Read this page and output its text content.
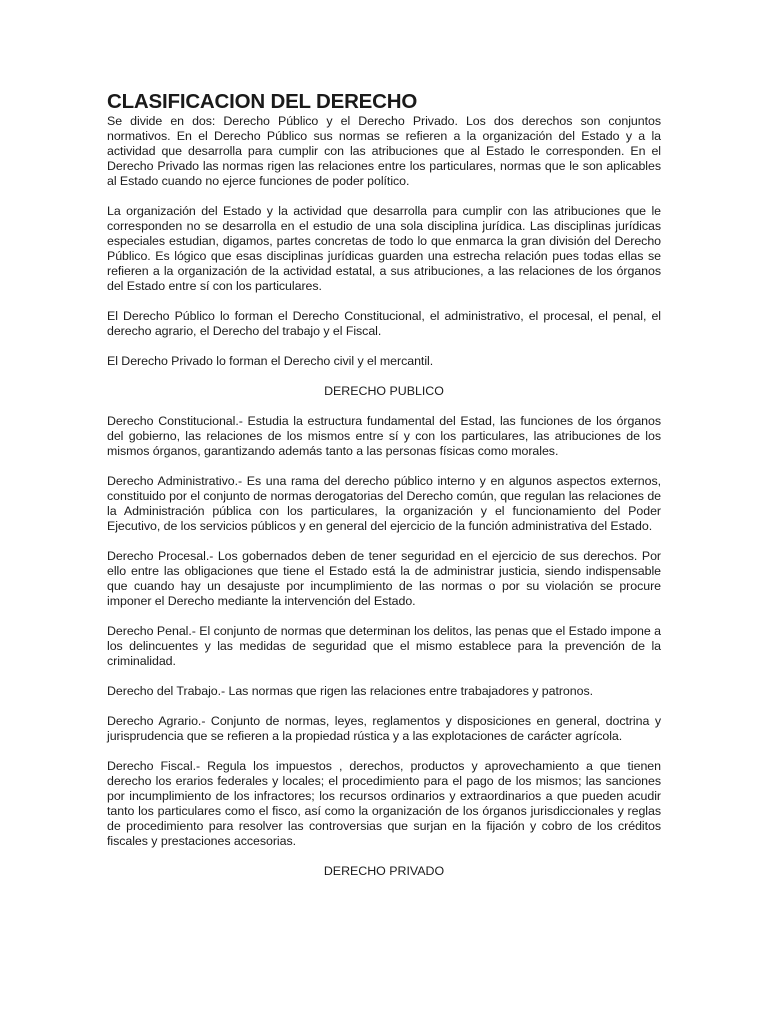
CLASIFICACION DEL DERECHO

Se divide en dos: Derecho Público y el Derecho Privado. Los dos derechos son conjuntos normativos. En el Derecho Público sus normas se refieren a la organización del Estado y a la actividad que desarrolla para cumplir con las atribuciones que al Estado le corresponden. En el Derecho Privado las normas rigen las relaciones entre los particulares, normas que le son aplicables al Estado cuando no ejerce funciones de poder político.

La organización del Estado y la actividad que desarrolla para cumplir con las atribuciones que le corresponden no se desarrolla en el estudio de una sola disciplina jurídica. Las disciplinas jurídicas especiales estudian, digamos, partes concretas de todo lo que enmarca la gran división del Derecho Público. Es lógico que esas disciplinas jurídicas guarden una estrecha relación pues todas ellas se refieren a la organización de la actividad estatal, a sus atribuciones, a las relaciones de los órganos del Estado entre sí con los particulares.

El Derecho Público lo forman el Derecho Constitucional, el administrativo, el procesal, el penal, el derecho agrario, el Derecho del trabajo y el Fiscal.

El Derecho Privado lo forman el Derecho civil y el mercantil.

DERECHO PUBLICO

Derecho Constitucional.- Estudia la estructura fundamental del Estad, las funciones de los órganos del gobierno, las relaciones de los mismos entre sí y con los particulares, las atribuciones de los mismos órganos, garantizando además tanto a las personas físicas como morales.

Derecho Administrativo.- Es una rama del derecho público interno y en algunos aspectos externos, constituido por el conjunto de normas derogatorias del Derecho común, que regulan las relaciones de la Administración pública con los particulares, la organización y el funcionamiento del Poder Ejecutivo, de los servicios públicos y en general del ejercicio de la función administrativa del Estado.

Derecho Procesal.- Los gobernados deben de tener seguridad en el ejercicio de sus derechos. Por ello entre las obligaciones que tiene el Estado está la de administrar justicia, siendo indispensable que cuando hay un desajuste por incumplimiento de las normas o por su violación se procure imponer el Derecho mediante la intervención del Estado.

Derecho Penal.- El conjunto de normas que determinan los delitos, las penas que el Estado impone a los delincuentes y las medidas de seguridad que el mismo establece para la prevención de la criminalidad.

Derecho del Trabajo.- Las normas que rigen las relaciones entre trabajadores y patronos.

Derecho Agrario.- Conjunto de normas, leyes, reglamentos y disposiciones en general, doctrina y jurisprudencia que se refieren a la propiedad rústica y a las explotaciones de carácter agrícola.

Derecho Fiscal.- Regula los impuestos , derechos, productos y aprovechamiento a que tienen derecho los erarios federales y locales; el procedimiento para el pago de los mismos; las sanciones por incumplimiento de los infractores; los recursos ordinarios y extraordinarios a que pueden acudir tanto los particulares como el fisco, así como la organización de los órganos jurisdiccionales y reglas de procedimiento para resolver las controversias que surjan en la fijación y cobro de los créditos fiscales y prestaciones accesorias.

DERECHO PRIVADO
